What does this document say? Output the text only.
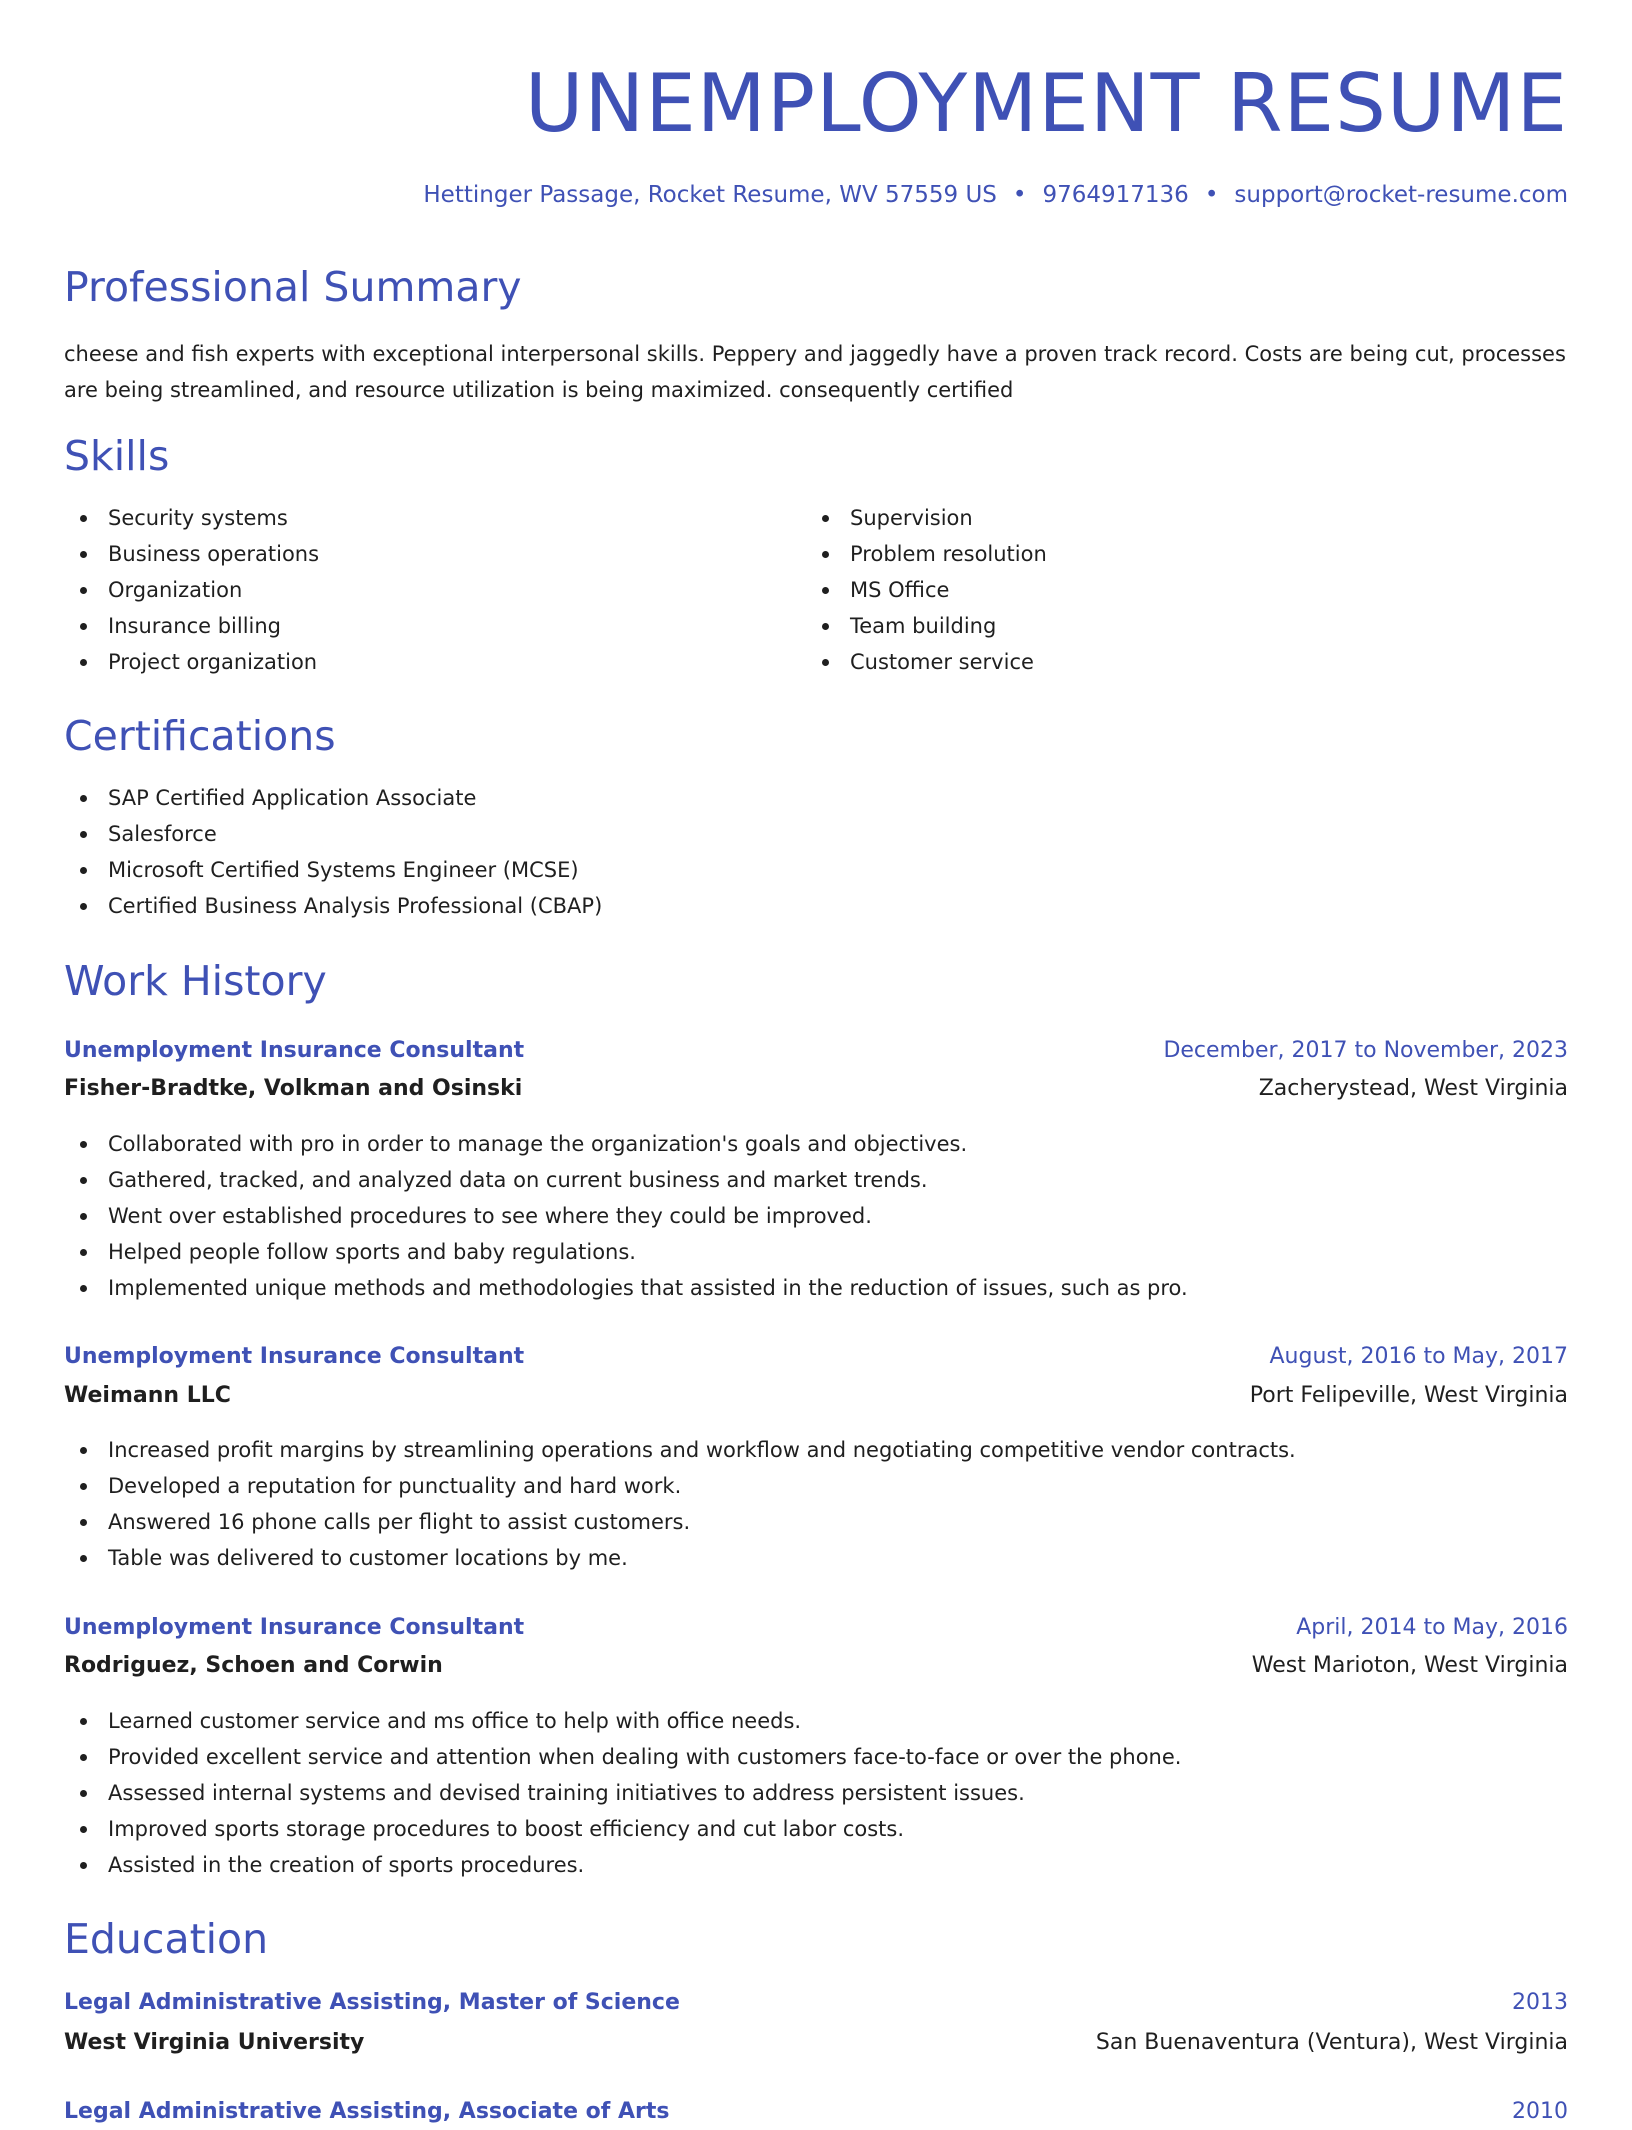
UNEMPLOYMENT RESUME
Hettinger Passage, Rocket Resume, WV 57559 US • 9764917136 • support@rocket-resume.com
Professional Summary
cheese and fish experts with exceptional interpersonal skills. Peppery and jaggedly have a proven track record. Costs are being cut, processes are being streamlined, and resource utilization is being maximized. consequently certified
Skills
Security systems
Business operations
Organization
Insurance billing
Project organization
Supervision
Problem resolution
MS Office
Team building
Customer service
Certifications
SAP Certified Application Associate
Salesforce
Microsoft Certified Systems Engineer (MCSE)
Certified Business Analysis Professional (CBAP)
Work History
Unemployment Insurance Consultant	December, 2017 to November, 2023
Fisher-Bradtke, Volkman and Osinski	Zacherystead, West Virginia
Collaborated with pro in order to manage the organization's goals and objectives.
Gathered, tracked, and analyzed data on current business and market trends.
Went over established procedures to see where they could be improved.
Helped people follow sports and baby regulations.
Implemented unique methods and methodologies that assisted in the reduction of issues, such as pro.
Unemployment Insurance Consultant	August, 2016 to May, 2017
Weimann LLC	Port Felipeville, West Virginia
Increased profit margins by streamlining operations and workflow and negotiating competitive vendor contracts.
Developed a reputation for punctuality and hard work.
Answered 16 phone calls per flight to assist customers.
Table was delivered to customer locations by me.
Unemployment Insurance Consultant	April, 2014 to May, 2016
Rodriguez, Schoen and Corwin	West Marioton, West Virginia
Learned customer service and ms office to help with office needs.
Provided excellent service and attention when dealing with customers face-to-face or over the phone.
Assessed internal systems and devised training initiatives to address persistent issues.
Improved sports storage procedures to boost efficiency and cut labor costs.
Assisted in the creation of sports procedures.
Education
Legal Administrative Assisting, Master of Science	2013
West Virginia University	San Buenaventura (Ventura), West Virginia
Legal Administrative Assisting, Associate of Arts	2010
